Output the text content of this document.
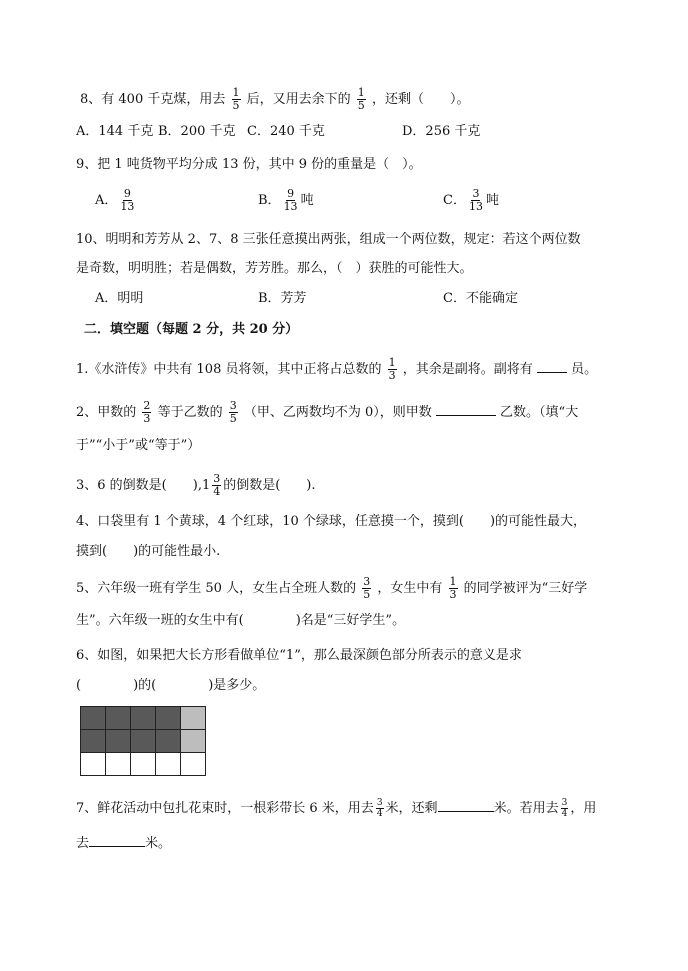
8、有 400 千克煤，用去 $\frac{1}{5}$ 后，又用去余下的 $\frac{1}{5}$ ，还剩（　　）。
A．144 千克 B．200 千克 C．240 千克	D．256 千克
9、把 1 吨货物平均分成 13 份，其中 9 份的重量是（　）。
A． $\frac{9}{13}$	B． $\frac{9}{13}$ 吨	C． $\frac{3}{13}$ 吨
10、明明和芳芳从 2、7、8 三张任意摸出两张，组成一个两位数，规定：若这个两位数
是奇数，明明胜；若是偶数，芳芳胜。那么，（　）获胜的可能性大。
A．明明	B．芳芳	C．不能确定
二．填空题（每题 2 分，共 20 分）
1.《水浒传》中共有 108 员将领，其中正将占总数的 $\frac{1}{3}$ ，其余是副将。副将有	员。
2、甲数的 $\frac{2}{3}$ 等于乙数的 $\frac{3}{5}$ （甲、乙两数均不为 0），则甲数	乙数。（填“大
于”“小于”或“等于”）
3、6 的倒数是(　　), $1 \frac{3}{4}$ 的倒数是(　　).
4、口袋里有 1 个黄球，4 个红球，10 个绿球，任意摸一个，摸到(　　)的可能性最大，
摸到(　　)的可能性最小.
5、六年级一班有学生 50 人，女生占全班人数的 $\frac{3}{5}$ ，女生中有 $\frac{1}{3}$ 的同学被评为“三好学
生”。六年级一班的女生中有(　　　　)名是“三好学生”。
6、如图，如果把大长方形看做单位“1”，那么最深颜色部分所表示的意义是求
(　　　　)的(　　　　)是多少。

7、鲜花活动中包扎花束时，一根彩带长 6 米，用去 $\frac{3}{4}$ 米，还剩	米。若用去 $\frac{3}{4}$ ，用
去	米。
